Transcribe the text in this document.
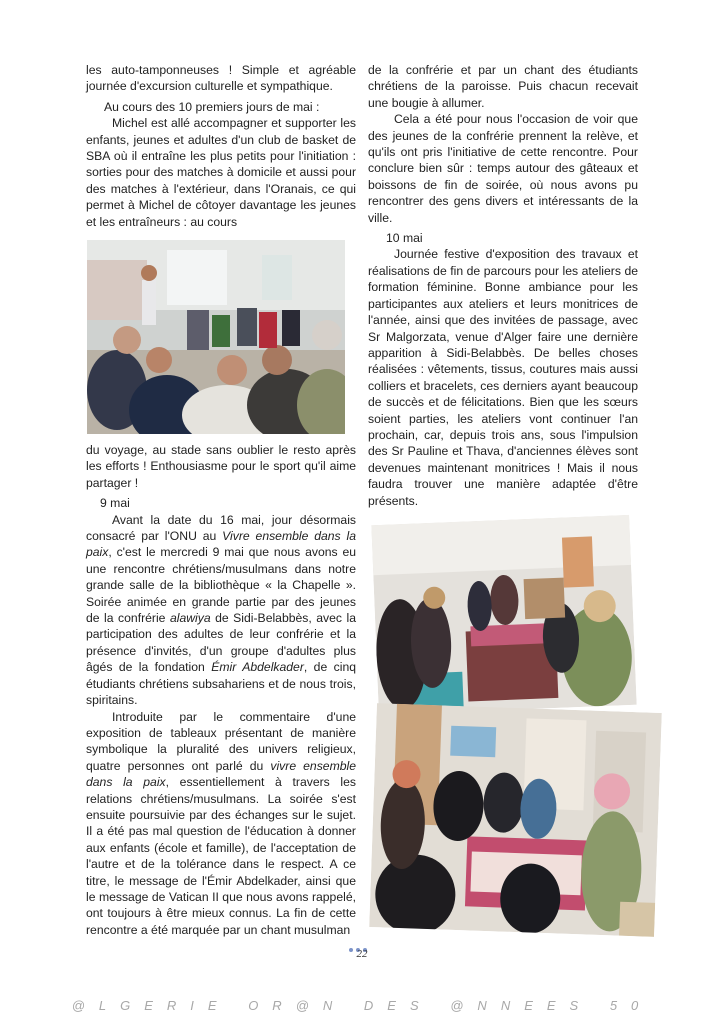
les auto-tamponneuses ! Simple et agréable journée d'excursion culturelle et sympathique.

Au cours des 10 premiers jours de mai :

Michel est allé accompagner et supporter les enfants, jeunes et adultes d'un club de basket de SBA où il entraîne les plus petits pour l'initiation : sorties pour des matches à domicile et aussi pour des matches à l'extérieur, dans l'Oranais, ce qui permet à Michel de côtoyer davantage les jeunes et les entraîneurs : au cours

du voyage, au stade sans oublier le resto après les efforts ! Enthousiasme pour le sport qu'il aime partager !

9 mai

Avant la date du 16 mai, jour désormais consacré par l'ONU au Vivre ensemble dans la paix, c'est le mercredi 9 mai que nous avons eu une rencontre chrétiens/musulmans dans notre grande salle de la bibliothèque « la Chapelle ». Soirée animée en grande partie par des jeunes de la confrérie alawiya de Sidi-Belabbès, avec la participation des adultes de leur confrérie et la présence d'invités, d'un groupe d'adultes plus âgés de la fondation Émir Abdelkader, de cinq étudiants chrétiens subsahariens et de nous trois, spiritains.

Introduite par le commentaire d'une exposition de tableaux présentant de manière symbolique la pluralité des univers religieux, quatre personnes ont parlé du vivre ensemble dans la paix, essentiellement à travers les relations chrétiens/musulmans. La soirée s'est ensuite poursuivie par des échanges sur le sujet. Il a été pas mal question de l'éducation à donner aux enfants (école et famille), de l'acceptation de l'autre et de la tolérance dans le respect. A ce titre, le message de l'Émir Abdelkader, ainsi que le message de Vatican II que nous avons rappelé, ont toujours à être mieux connus. La fin de cette rencontre a été marquée par un chant musulman

de la confrérie et par un chant des étudiants chrétiens de la paroisse. Puis chacun recevait une bougie à allumer.

Cela a été pour nous l'occasion de voir que des jeunes de la confrérie prennent la relève, et qu'ils ont pris l'initiative de cette rencontre. Pour conclure bien sûr : temps autour des gâteaux et boissons de fin de soirée, où nous avons pu rencontrer des gens divers et intéressants de la ville.

10 mai

Journée festive d'exposition des travaux et réalisations de fin de parcours pour les ateliers de formation féminine. Bonne ambiance pour les participantes aux ateliers et leurs monitrices de l'année, ainsi que des invitées de passage, avec Sr Malgorzata, venue d'Alger faire une dernière apparition à Sidi-Belabbès. De belles choses réalisées : vêtements, tissus, coutures mais aussi colliers et bracelets, ces derniers ayant beaucoup de succès et de félicitations. Bien que les sœurs soient parties, les ateliers vont continuer l'an prochain, car, depuis trois ans, sous l'impulsion des Sr Pauline et Thava, d'anciennes élèves sont devenues maintenant monitrices ! Mais il nous faudra trouver une manière adaptée d'être présents.

22
@LGERIE OR@N DES @NNEES 50
